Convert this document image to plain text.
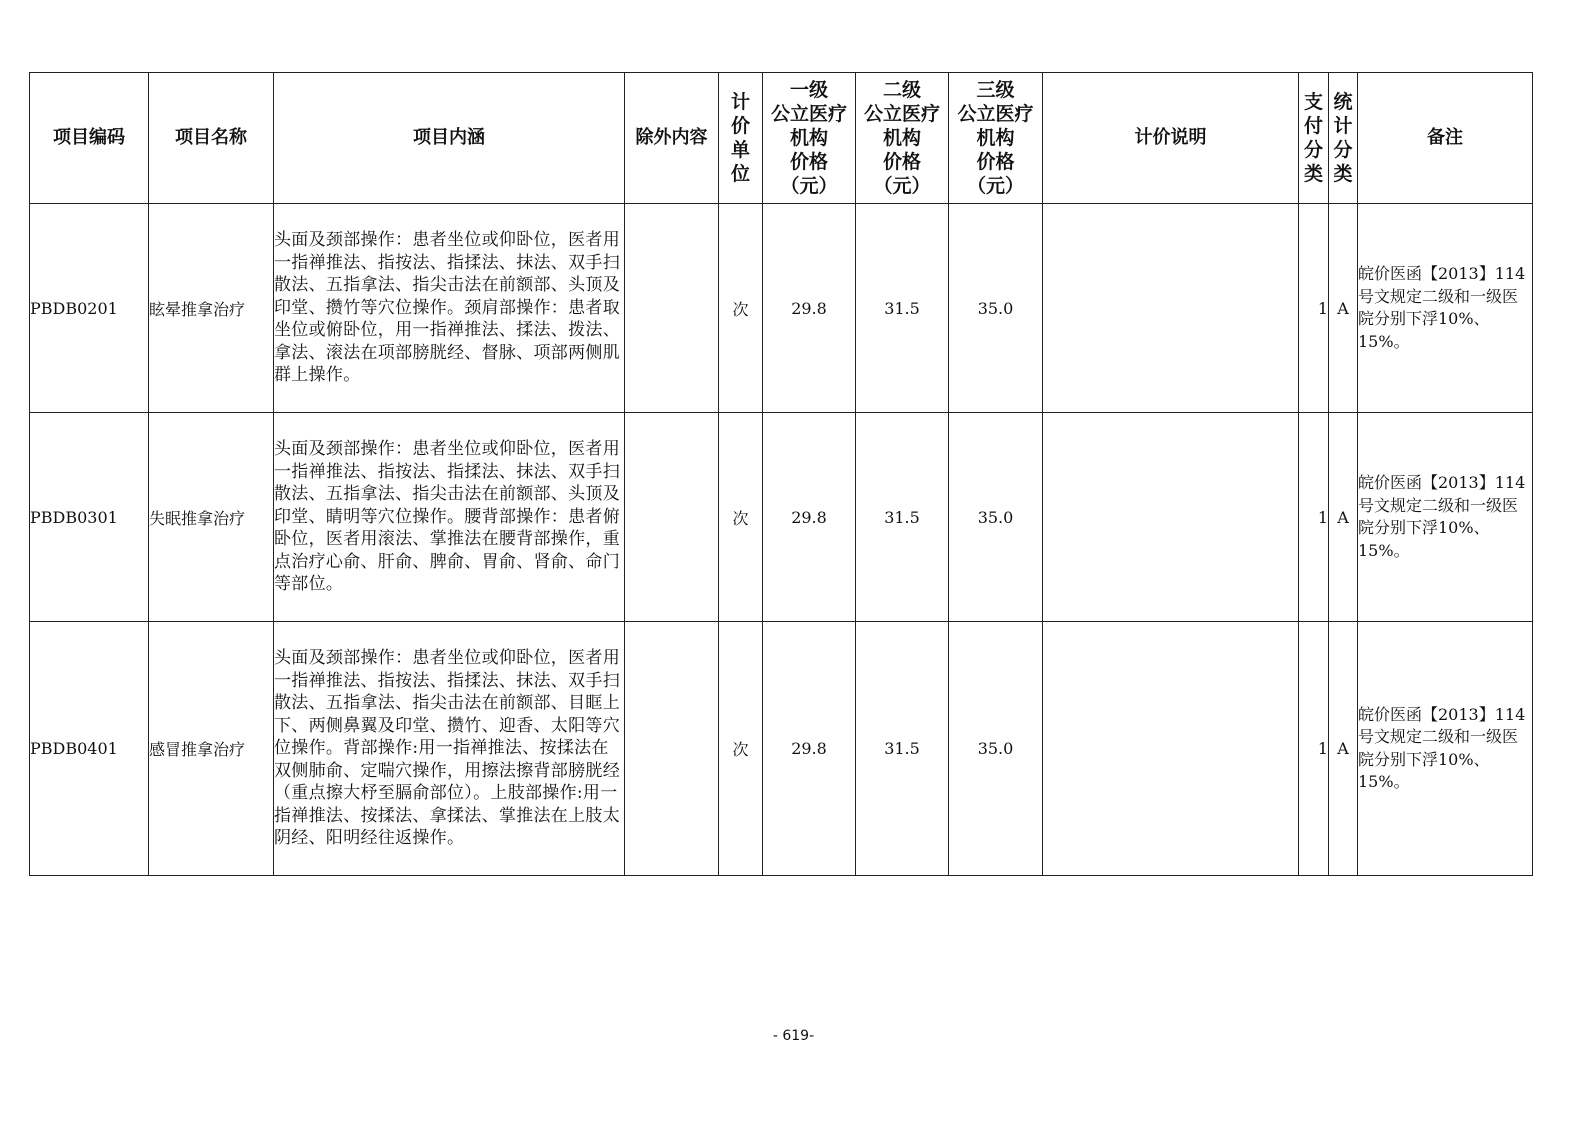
项目编码	项目名称	项目内涵	除外内容	计
价
单
位	一级
公立医疗
机构
价格
（元）	二级
公立医疗
机构
价格
（元）	三级
公立医疗
机构
价格
（元）	计价说明	支
付
分
类	统
计
分
类	备注
PBDB0201	眩晕推拿治疗	头面及颈部操作：患者坐位或仰卧位，医者用一指禅推法、指按法、指揉法、抹法、双手扫散法、五指拿法、指尖击法在前额部、头顶及印堂、攒竹等穴位操作。颈肩部操作：患者取坐位或俯卧位，用一指禅推法、揉法、拨法、拿法、滚法在项部膀胱经、督脉、项部两侧肌群上操作。		次	29.8	31.5	35.0		1	A	皖价医函【2013】114号文规定二级和一级医院分别下浮10%、15%。
PBDB0301	失眠推拿治疗	头面及颈部操作：患者坐位或仰卧位，医者用一指禅推法、指按法、指揉法、抹法、双手扫散法、五指拿法、指尖击法在前额部、头顶及印堂、睛明等穴位操作。腰背部操作：患者俯卧位，医者用滚法、掌推法在腰背部操作，重点治疗心俞、肝俞、脾俞、胃俞、肾俞、命门等部位。		次	29.8	31.5	35.0		1	A	皖价医函【2013】114号文规定二级和一级医院分别下浮10%、15%。
PBDB0401	感冒推拿治疗	头面及颈部操作：患者坐位或仰卧位，医者用一指禅推法、指按法、指揉法、抹法、双手扫散法、五指拿法、指尖击法在前额部、目眶上下、两侧鼻翼及印堂、攒竹、迎香、太阳等穴位操作。背部操作:用一指禅推法、按揉法在双侧肺俞、定喘穴操作，用擦法擦背部膀胱经（重点擦大杼至膈俞部位）。上肢部操作:用一指禅推法、按揉法、拿揉法、掌推法在上肢太阴经、阳明经往返操作。		次	29.8	31.5	35.0		1	A	皖价医函【2013】114号文规定二级和一级医院分别下浮10%、15%。
- 619-
